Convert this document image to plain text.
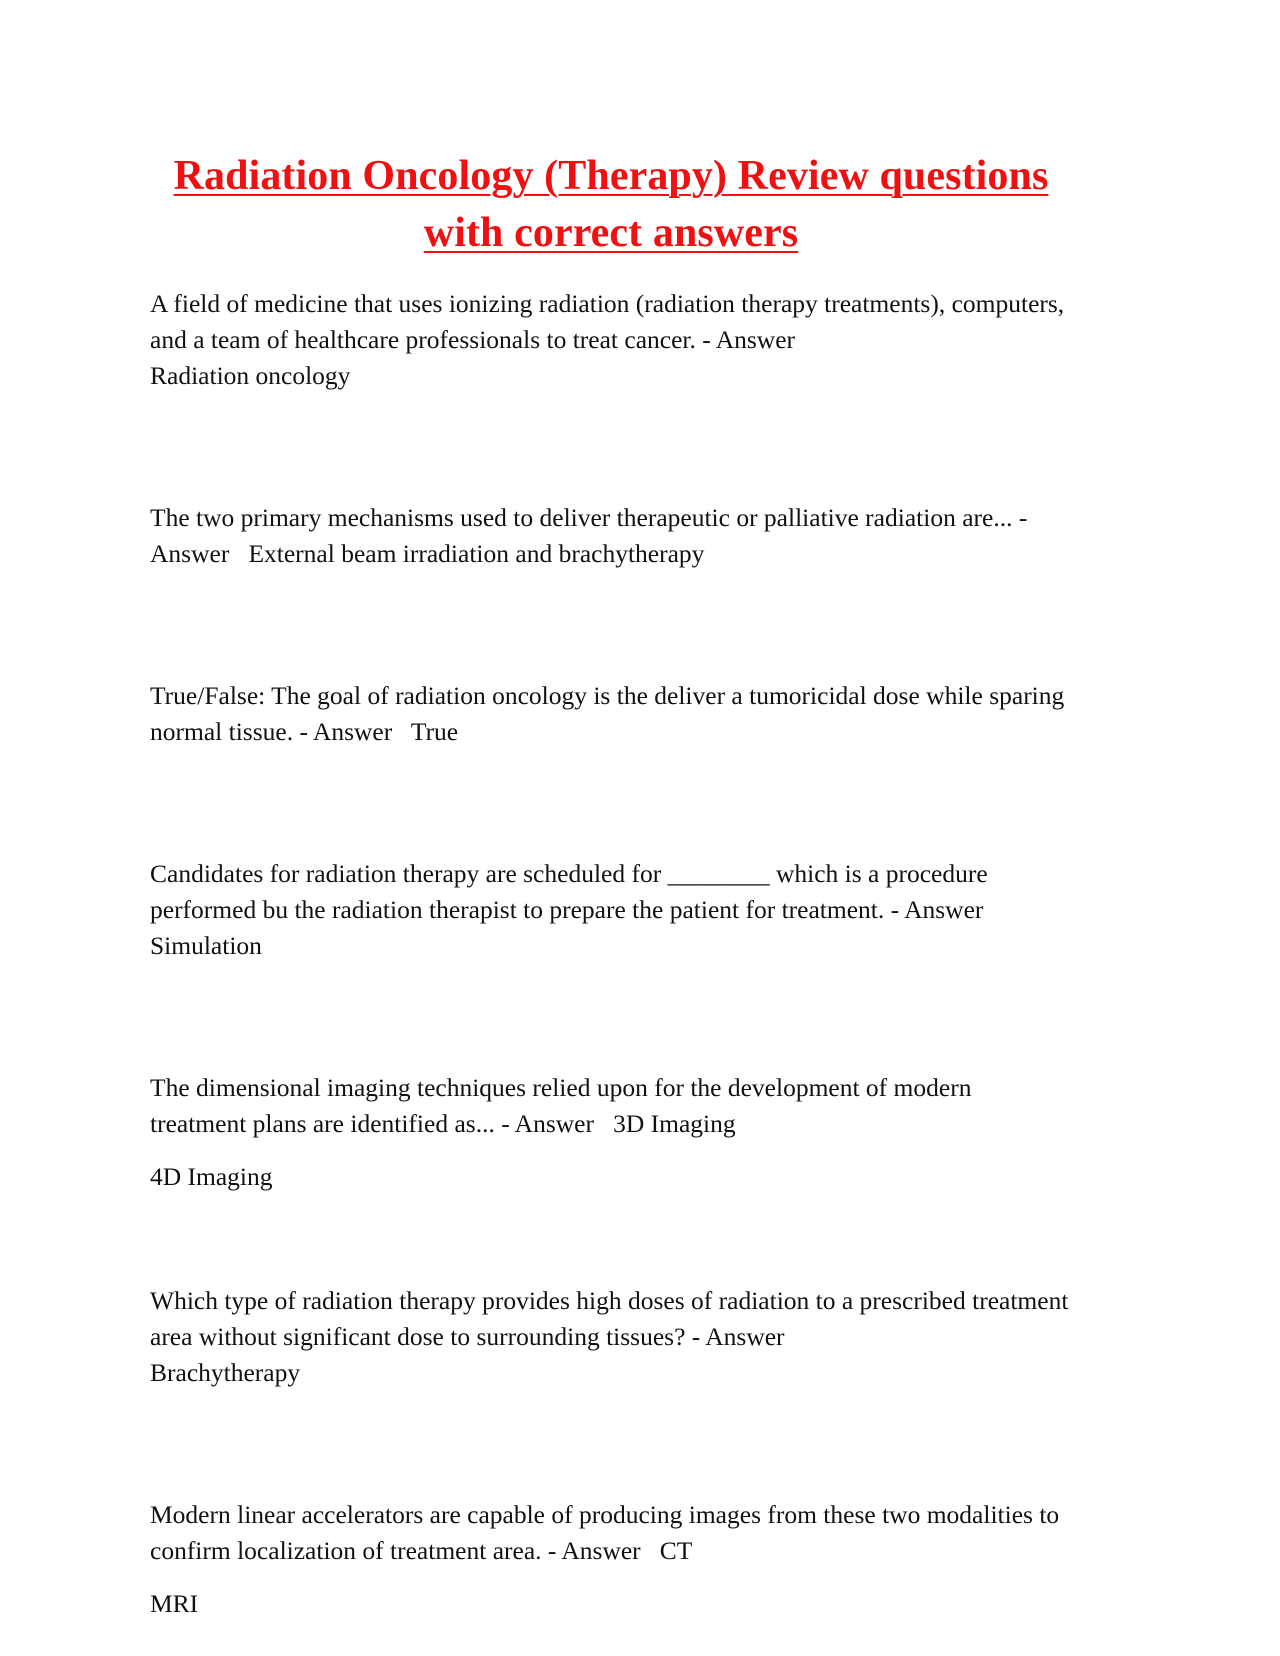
Radiation Oncology (Therapy) Review questions
with correct answers

A field of medicine that uses ionizing radiation (radiation therapy treatments), computers, and a team of healthcare professionals to treat cancer. - Answer
Radiation oncology

The two primary mechanisms used to deliver therapeutic or palliative radiation are... - Answer External beam irradiation and brachytherapy

True/False: The goal of radiation oncology is the deliver a tumoricidal dose while sparing normal tissue. - Answer True

Candidates for radiation therapy are scheduled for ________ which is a procedure performed bu the radiation therapist to prepare the patient for treatment. - Answer
Simulation

The dimensional imaging techniques relied upon for the development of modern treatment plans are identified as... - Answer 3D Imaging

4D Imaging

Which type of radiation therapy provides high doses of radiation to a prescribed treatment area without significant dose to surrounding tissues? - Answer
Brachytherapy

Modern linear accelerators are capable of producing images from these two modalities to confirm localization of treatment area. - Answer CT

MRI
